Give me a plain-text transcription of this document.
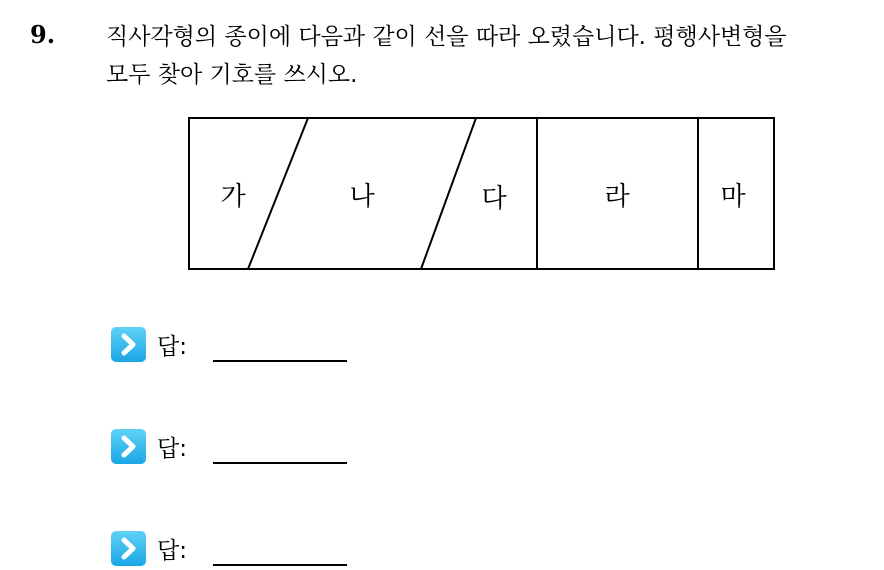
9. 직사각형의 종이에 다음과 같이 선을 따라 오렸습니다. 평행사변형을
모두 찾아 기호를 쓰시오.
가	나	다	라	마
답:
답:
답:
